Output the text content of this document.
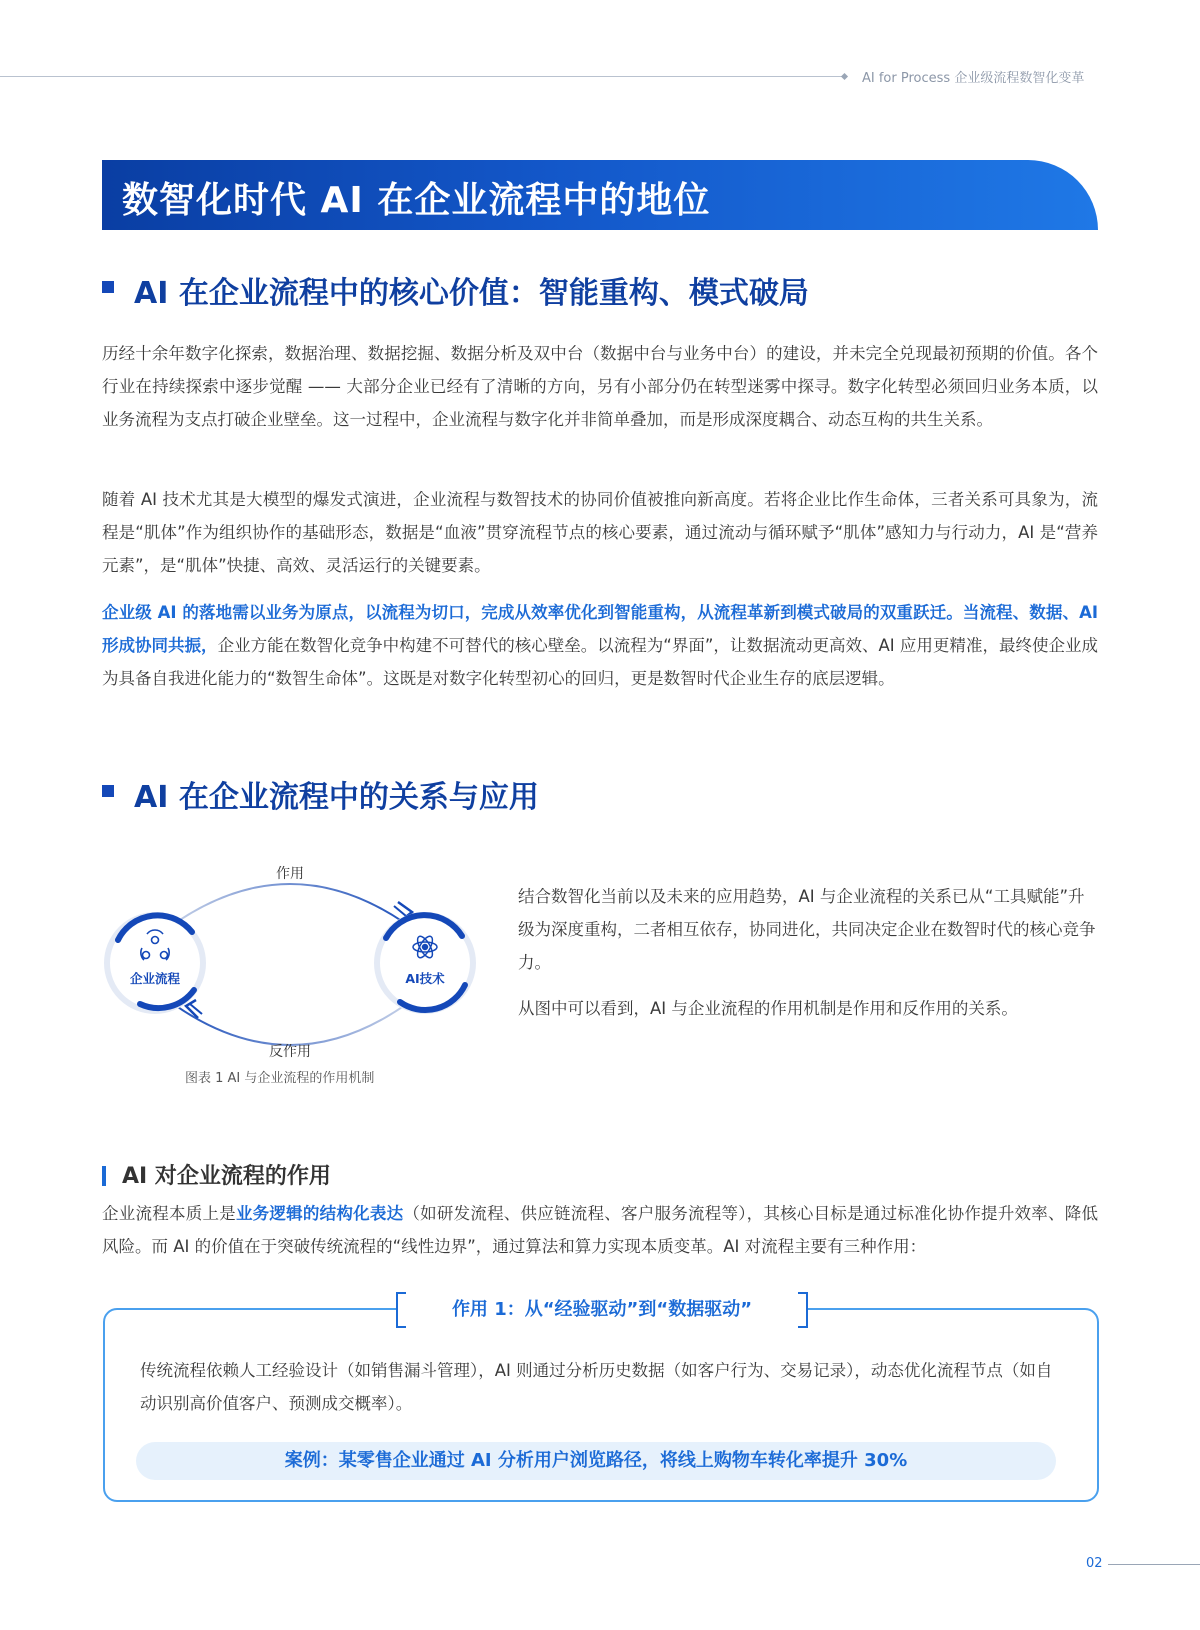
AI for Process 企业级流程数智化变革
数智化时代 AI 在企业流程中的地位
AI 在企业流程中的核心价值：智能重构、模式破局

历经十余年数字化探索，数据治理、数据挖掘、数据分析及双中台（数据中台与业务中台）的建设，并未完全兑现最初预期的价值。各个行业在持续探索中逐步觉醒 —— 大部分企业已经有了清晰的方向，另有小部分仍在转型迷雾中探寻。数字化转型必须回归业务本质，以业务流程为支点打破企业壁垒。这一过程中，企业流程与数字化并非简单叠加，而是形成深度耦合、动态互构的共生关系。

随着 AI 技术尤其是大模型的爆发式演进，企业流程与数智技术的协同价值被推向新高度。若将企业比作生命体，三者关系可具象为，流程是“肌体”作为组织协作的基础形态，数据是“血液”贯穿流程节点的核心要素，通过流动与循环赋予“肌体”感知力与行动力，AI 是“营养元素”，是“肌体”快捷、高效、灵活运行的关键要素。

企业级 AI 的落地需以业务为原点，以流程为切口，完成从效率优化到智能重构，从流程革新到模式破局的双重跃迁。当流程、数据、AI 形成协同共振，企业方能在数智化竞争中构建不可替代的核心壁垒。以流程为“界面”，让数据流动更高效、AI 应用更精准，最终使企业成为具备自我进化能力的“数智生命体”。这既是对数字化转型初心的回归，更是数智时代企业生存的底层逻辑。

AI 在企业流程中的关系与应用
作用
反作用
企业流程	AI技术
图表 1 AI 与企业流程的作用机制

结合数智化当前以及未来的应用趋势，AI 与企业流程的关系已从“工具赋能”升级为深度重构，二者相互依存，协同进化，共同决定企业在数智时代的核心竞争力。

从图中可以看到，AI 与企业流程的作用机制是作用和反作用的关系。

AI 对企业流程的作用

企业流程本质上是业务逻辑的结构化表达（如研发流程、供应链流程、客户服务流程等），其核心目标是通过标准化协作提升效率、降低风险。而 AI 的价值在于突破传统流程的“线性边界”，通过算法和算力实现本质变革。AI 对流程主要有三种作用：

作用 1：从“经验驱动”到“数据驱动”

传统流程依赖人工经验设计（如销售漏斗管理），AI 则通过分析历史数据（如客户行为、交易记录），动态优化流程节点（如自动识别高价值客户、预测成交概率）。

案例：某零售企业通过 AI 分析用户浏览路径，将线上购物车转化率提升 30%
02
